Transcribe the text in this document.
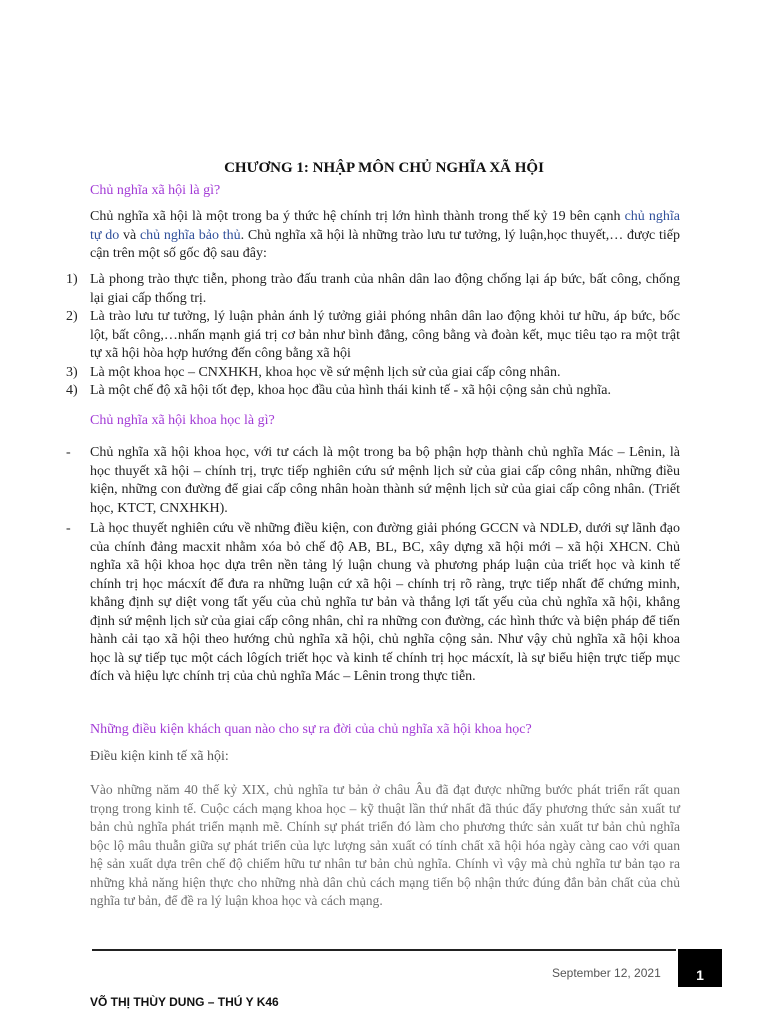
CHƯƠNG 1: NHẬP MÔN CHỦ NGHĨA XÃ HỘI
Chủ nghĩa xã hội là gì?
Chủ nghĩa xã hội là một trong ba ý thức hệ chính trị lớn hình thành trong thế kỷ 19 bên cạnh chủ nghĩa tự do và chủ nghĩa bảo thủ. Chủ nghĩa xã hội là những trào lưu tư tưởng, lý luận,học thuyết,… được tiếp cận trên một số gốc độ sau đây:
1) Là phong trào thực tiễn, phong trào đấu tranh của nhân dân lao động chống lại áp bức, bất công, chống lại giai cấp thống trị.
2) Là trào lưu tư tưởng, lý luận phản ánh lý tưởng giải phóng nhân dân lao động khỏi tư hữu, áp bức, bốc lột, bất công,…nhấn mạnh giá trị cơ bản như bình đẳng, công bằng và đoàn kết, mục tiêu tạo ra một trật tự xã hội hòa hợp hướng đến công bằng xã hội
3) Là một khoa học – CNXHKH, khoa học về sứ mệnh lịch sử của giai cấp công nhân.
4) Là một chế độ xã hội tốt đẹp, khoa học đầu của hình thái kinh tế - xã hội cộng sản chủ nghĩa.
Chủ nghĩa xã hội khoa học là gì?
- Chủ nghĩa xã hội khoa học, với tư cách là một trong ba bộ phận hợp thành chủ nghĩa Mác – Lênin, là học thuyết xã hội – chính trị, trực tiếp nghiên cứu sứ mệnh lịch sử của giai cấp công nhân, những điều kiện, những con đường để giai cấp công nhân hoàn thành sứ mệnh lịch sử của giai cấp công nhân. (Triết học, KTCT, CNXHKH).
- Là học thuyết nghiên cứu về những điều kiện, con đường giải phóng GCCN và NDLĐ, dưới sự lãnh đạo của chính đảng macxit nhằm xóa bỏ chế độ AB, BL, BC, xây dựng xã hội mới – xã hội XHCN. Chủ nghĩa xã hội khoa học dựa trên nền tảng lý luận chung và phương pháp luận của triết học và kinh tế chính trị học mácxít để đưa ra những luận cứ xã hội – chính trị rõ ràng, trực tiếp nhất để chứng minh, khẳng định sự diệt vong tất yếu của chủ nghĩa tư bản và thắng lợi tất yếu của chủ nghĩa xã hội, khẳng định sứ mệnh lịch sử của giai cấp công nhân, chỉ ra những con đường, các hình thức và biện pháp để tiến hành cải tạo xã hội theo hướng chủ nghĩa xã hội, chủ nghĩa cộng sản. Như vậy chủ nghĩa xã hội khoa học là sự tiếp tục một cách lôgích triết học và kinh tế chính trị học mácxít, là sự biểu hiện trực tiếp mục đích và hiệu lực chính trị của chủ nghĩa Mác – Lênin trong thực tiễn.
Những điều kiện khách quan nào cho sự ra đời của chủ nghĩa xã hội khoa học?
Điều kiện kinh tế xã hội:
Vào những năm 40 thế kỷ XIX, chủ nghĩa tư bản ở châu Âu đã đạt được những bước phát triển rất quan trọng trong kinh tế. Cuộc cách mạng khoa học – kỹ thuật lần thứ nhất đã thúc đẩy phương thức sản xuất tư bản chủ nghĩa phát triển mạnh mẽ. Chính sự phát triển đó làm cho phương thức sản xuất tư bản chủ nghĩa bộc lộ mâu thuẫn giữa sự phát triển của lực lượng sản xuất có tính chất xã hội hóa ngày càng cao với quan hệ sản xuất dựa trên chế độ chiếm hữu tư nhân tư bản chủ nghĩa. Chính vì vậy mà chủ nghĩa tư bản tạo ra những khả năng hiện thực cho những nhà dân chủ cách mạng tiến bộ nhận thức đúng đắn bản chất của chủ nghĩa tư bản, để đề ra lý luận khoa học và cách mạng.
September 12, 2021	1
VÕ THỊ THÙY DUNG – THÚ Y K46
